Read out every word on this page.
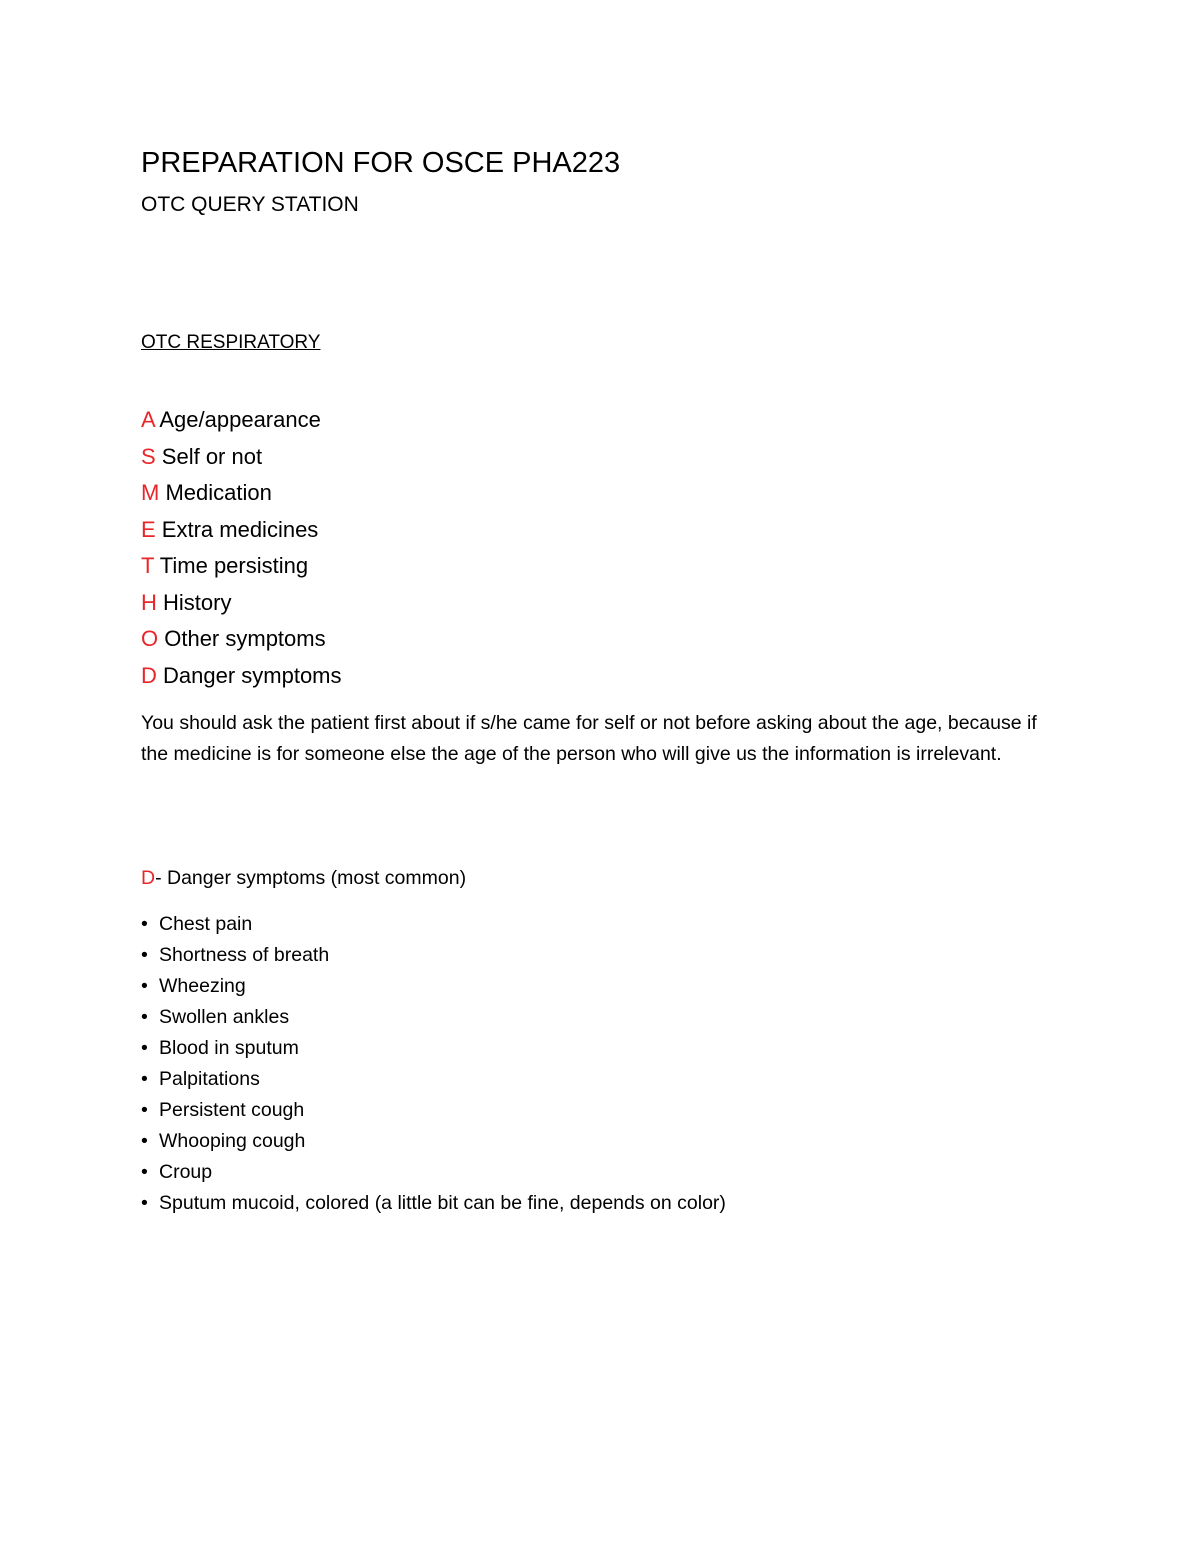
PREPARATION FOR OSCE PHA223
OTC QUERY STATION
OTC RESPIRATORY
A Age/appearance
S Self or not
M Medication
E Extra medicines
T Time persisting
H History
O Other symptoms
D Danger symptoms

You should ask the patient first about if s/he came for self or not before asking about the age, because if the medicine is for someone else the age of the person who will give us the information is irrelevant.

D- Danger symptoms (most common)
• Chest pain
• Shortness of breath
• Wheezing
• Swollen ankles
• Blood in sputum
• Palpitations
• Persistent cough
• Whooping cough
• Croup
• Sputum mucoid, colored (a little bit can be fine, depends on color)
